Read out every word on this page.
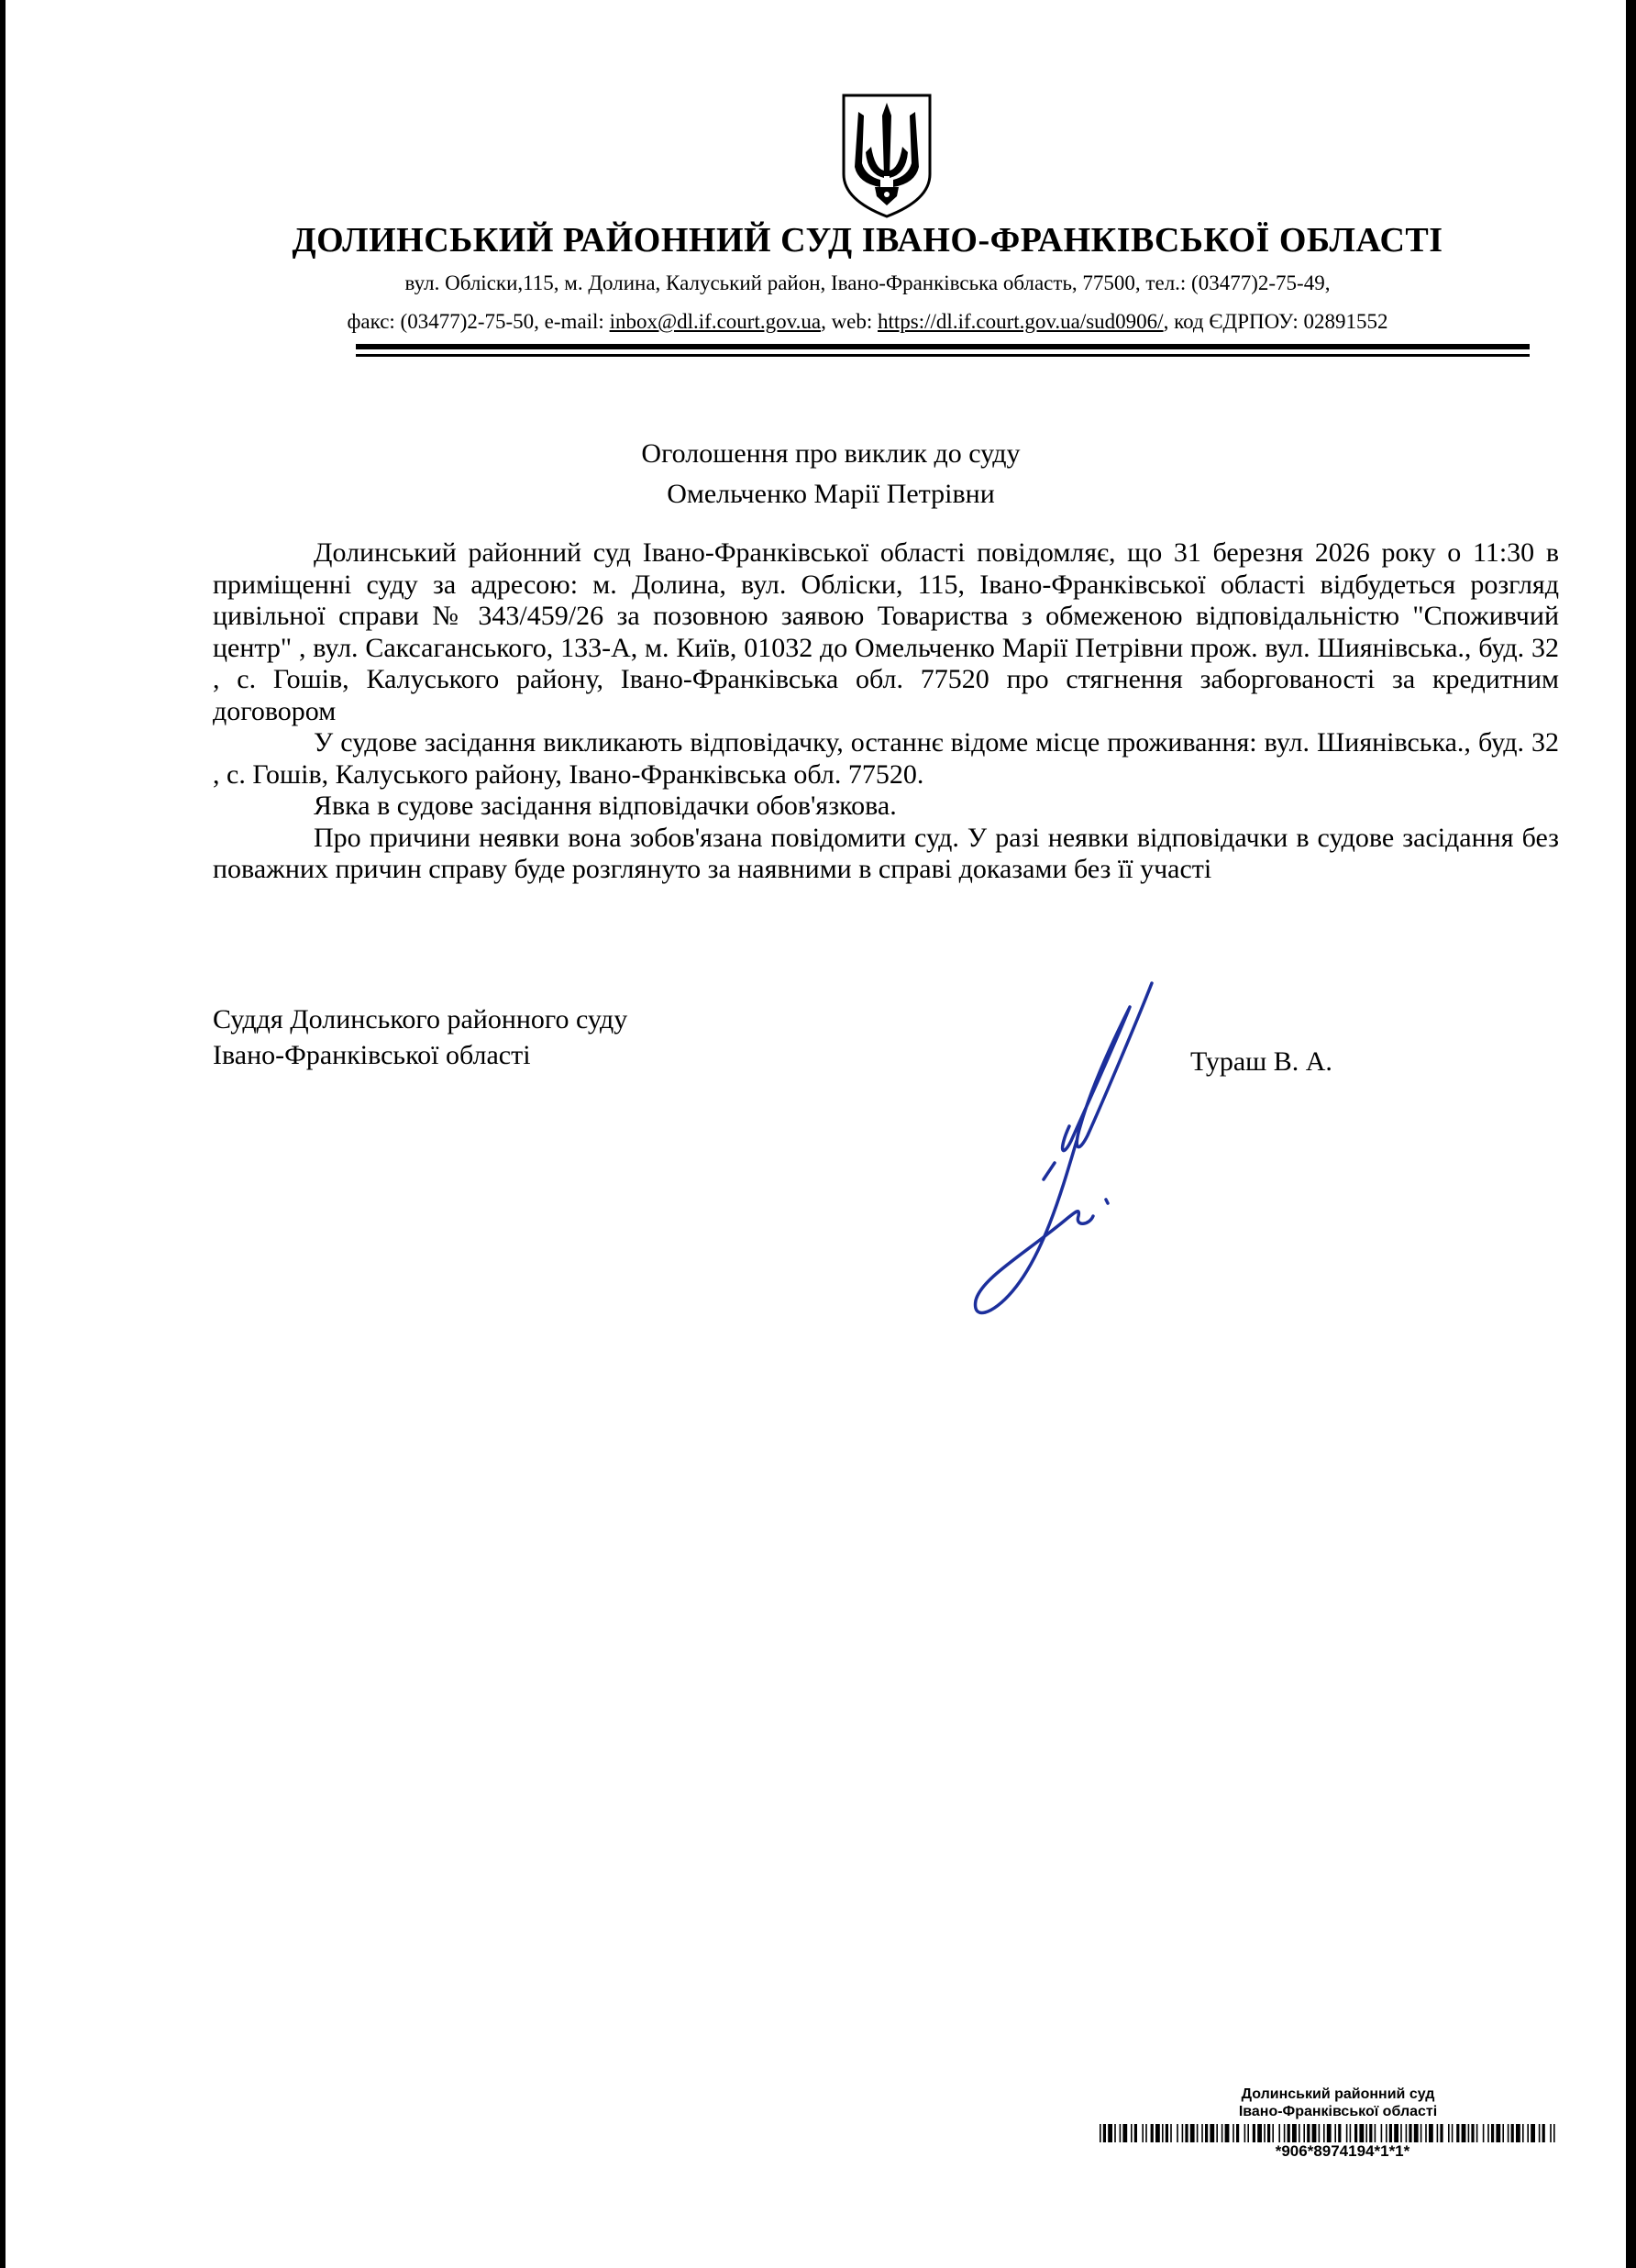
ДОЛИНСЬКИЙ РАЙОННИЙ СУД ІВАНО-ФРАНКІВСЬКОЇ ОБЛАСТІ
вул. Обліски,115, м. Долина, Калуський район, Івано-Франківська область, 77500, тел.: (03477)2-75-49,
факс: (03477)2-75-50, e-mail: inbox@dl.if.court.gov.ua, web: https://dl.if.court.gov.ua/sud0906/, код ЄДРПОУ: 02891552
Оголошення про виклик до суду
Омельченко Марії Петрівни

Долинський районний суд Івано-Франківської області повідомляє, що 31 березня 2026 року о 11:30 в приміщенні суду за адресою: м. Долина, вул. Обліски, 115, Івано-Франківської області відбудеться розгляд цивільної справи № 343/459/26 за позовною заявою Товариства з обмеженою відповідальністю "Споживчий центр" , вул. Саксаганського, 133-А, м. Київ, 01032 до Омельченко Марії Петрівни прож. вул. Шиянівська., буд. 32 , с. Гошів, Калуського району, Івано-Франківська обл. 77520 про стягнення заборгованості за кредитним договором

У судове засідання викликають відповідачку, останнє відоме місце проживання: вул. Шиянівська., буд. 32 , с. Гошів, Калуського району, Івано-Франківська обл. 77520.

Явка в судове засідання відповідачки обов'язкова.

Про причини неявки вона зобов'язана повідомити суд. У разі неявки відповідачки в судове засідання без поважних причин справу буде розглянуто за наявними в справі доказами без її участі

Суддя Долинського районного суду
Івано-Франківської області	Тураш В. А.
Долинський районний суд
Івано-Франківської області
*906*8974194*1*1*
